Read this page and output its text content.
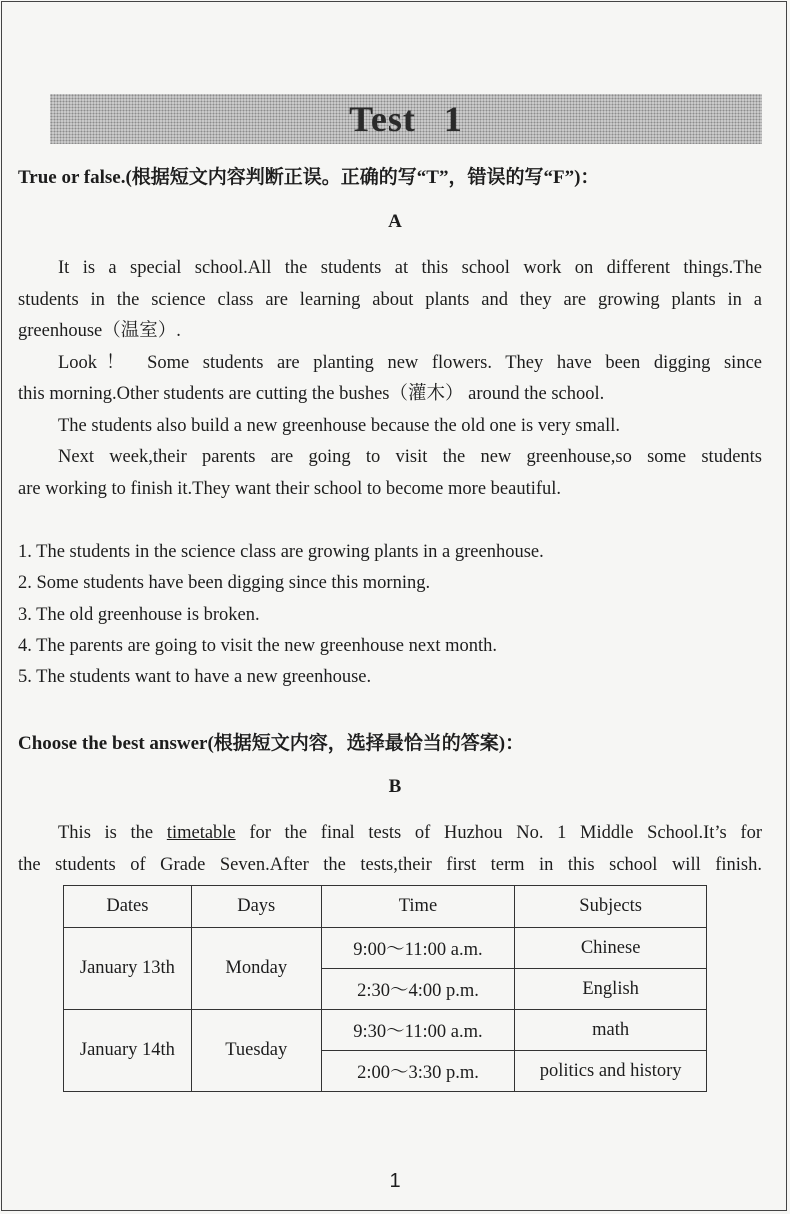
Test 1
True or false.(根据短文内容判断正误。正确的写“T”，错误的写“F”)：
A
It is a special school.All the students at this school work on different things.The
students in the science class are learning about plants and they are growing plants in a
greenhouse（温室）.
Look！ Some students are planting new flowers. They have been digging since
this morning.Other students are cutting the bushes（灌木） around the school.
The students also build a new greenhouse because the old one is very small.
Next week,their parents are going to visit the new greenhouse,so some students
are working to finish it.They want their school to become more beautiful.
1. The students in the science class are growing plants in a greenhouse.
2. Some students have been digging since this morning.
3. The old greenhouse is broken.
4. The parents are going to visit the new greenhouse next month.
5. The students want to have a new greenhouse.
Choose the best answer(根据短文内容，选择最恰当的答案)：
B
This is the timetable for the final tests of Huzhou No. 1 Middle School.It’s for
the students of Grade Seven.After the tests,their first term in this school will finish.
Dates	Days	Time	Subjects
January 13th	Monday	9:00～11:00 a.m.	Chinese
		2:30～4:00 p.m.	English
January 14th	Tuesday	9:30～11:00 a.m.	math
		2:00～3:30 p.m.	politics and history
1
